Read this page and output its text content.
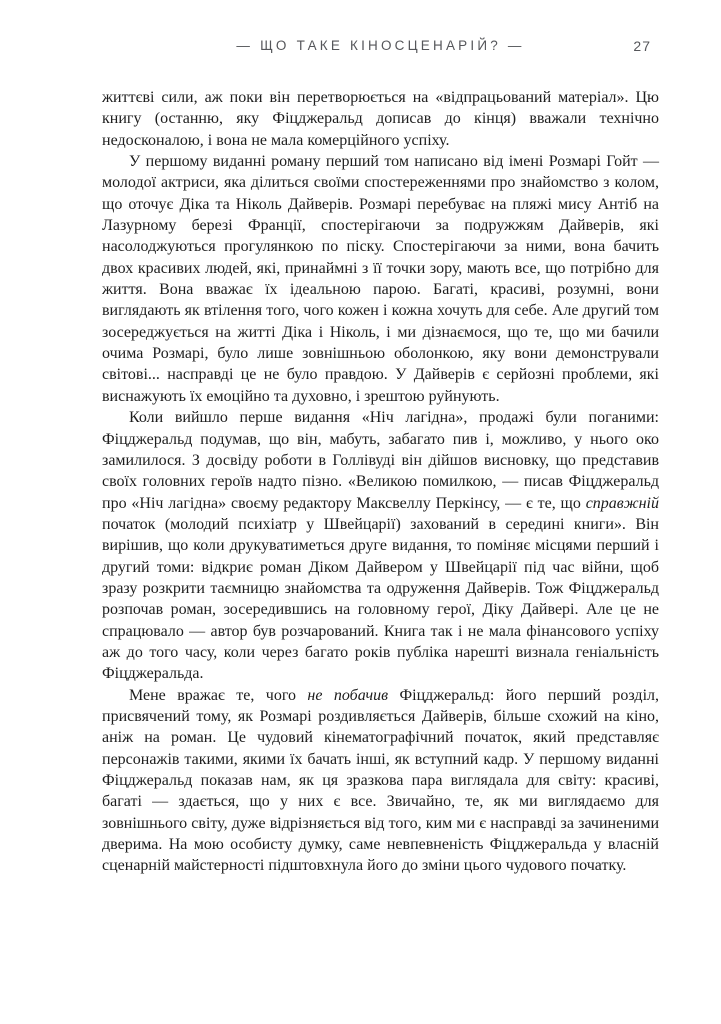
— ЩО ТАКЕ КІНОСЦЕНАРІЙ? —	27

життєві сили, аж поки він перетворюється на «відпрацьований матеріал». Цю книгу (останню, яку Фіцджеральд дописав до кінця) вважали технічно недосконалою, і вона не мала комерційного успіху.

У першому виданні роману перший том написано від імені Розмарі Гойт — молодої актриси, яка ділиться своїми спостереженнями про знайомство з колом, що оточує Діка та Ніколь Дайверів. Розмарі перебуває на пляжі мису Антіб на Лазурному березі Франції, спостерігаючи за подружжям Дайверів, які насолоджуються прогулянкою по піску. Спостерігаючи за ними, вона бачить двох красивих людей, які, принаймні з її точки зору, мають все, що потрібно для життя. Вона вважає їх ідеальною парою. Багаті, красиві, розумні, вони виглядають як втілення того, чого кожен і кожна хочуть для себе. Але другий том зосереджується на житті Діка і Ніколь, і ми дізнаємося, що те, що ми бачили очима Розмарі, було лише зовнішньою оболонкою, яку вони демонстрували світові... насправді це не було правдою. У Дайверів є серйозні проблеми, які виснажують їх емоційно та духовно, і зрештою руйнують.

Коли вийшло перше видання «Ніч лагідна», продажі були поганими: Фіцджеральд подумав, що він, мабуть, забагато пив і, можливо, у нього око замилилося. З досвіду роботи в Голлівуді він дійшов висновку, що представив своїх головних героїв надто пізно. «Великою помилкою, — писав Фіцджеральд про «Ніч лагідна» своєму редактору Максвеллу Перкінсу, — є те, що справжній початок (молодий психіатр у Швейцарії) захований в середині книги». Він вирішив, що коли друкуватиметься друге видання, то поміняє місцями перший і другий томи: відкриє роман Діком Дайвером у Швейцарії під час війни, щоб зразу розкрити таємницю знайомства та одруження Дайверів. Тож Фіцджеральд розпочав роман, зосередившись на головному герої, Діку Дайвері. Але це не спрацювало — автор був розчарований. Книга так і не мала фінансового успіху аж до того часу, коли через багато років публіка нарешті визнала геніальність Фіцджеральда.

Мене вражає те, чого не побачив Фіцджеральд: його перший розділ, присвячений тому, як Розмарі роздивляється Дайверів, більше схожий на кіно, аніж на роман. Це чудовий кінематографічний початок, який представляє персонажів такими, якими їх бачать інші, як вступний кадр. У першому виданні Фіцджеральд показав нам, як ця зразкова пара виглядала для світу: красиві, багаті — здається, що у них є все. Звичайно, те, як ми виглядаємо для зовнішнього світу, дуже відрізняється від того, ким ми є насправді за зачиненими дверима. На мою особисту думку, саме невпевненість Фіцджеральда у власній сценарній майстерності підштовхнула його до зміни цього чудового початку.
